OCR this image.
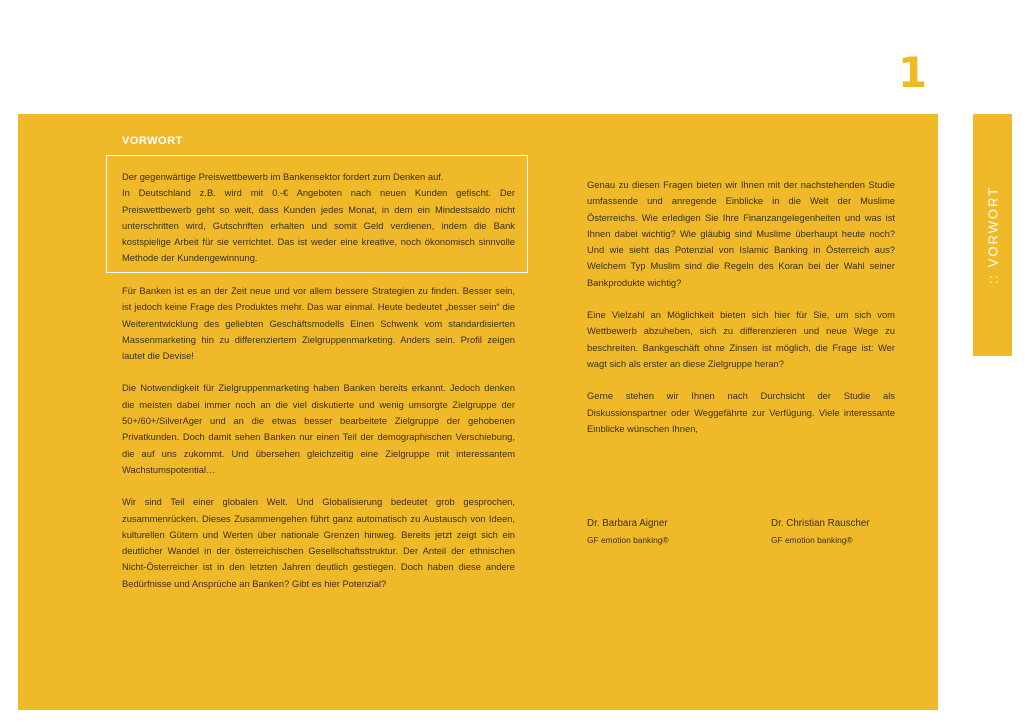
1
:: VORWORT
VORWORT

Der gegenwärtige Preiswettbewerb im Bankensektor fordert zum Denken auf.

In Deutschland z.B. wird mit 0.-€ Angeboten nach neuen Kunden gefischt. Der Preiswettbewerb geht so weit, dass Kunden jedes Monat, in dem ein Mindestsaldo nicht unterschritten wird, Gutschriften erhalten und somit Geld verdienen, indem die Bank kostspielige Arbeit für sie verrichtet. Das ist weder eine kreative, noch ökonomisch sinnvolle Methode der Kundengewinnung.

Für Banken ist es an der Zeit neue und vor allem bessere Strategien zu finden. Besser sein, ist jedoch keine Frage des Produktes mehr. Das war einmal. Heute bedeutet „besser sein“ die Weiterentwicklung des geliebten Geschäftsmodells Einen Schwenk vom standardisierten Massenmarketing hin zu differenziertem Zielgruppenmarketing. Anders sein. Profil zeigen lautet die Devise!

Die Notwendigkeit für Zielgruppenmarketing haben Banken bereits erkannt. Jedoch denken die meisten dabei immer noch an die viel diskutierte und wenig umsorgte Zielgruppe der 50+/60+/SilverAger und an die etwas besser bearbeitete Zielgruppe der gehobenen Privatkunden. Doch damit sehen Banken nur einen Teil der demographischen Verschiebung, die auf uns zukommt. Und übersehen gleichzeitig eine Zielgruppe mit interessantem Wachstumspotential…

Wir sind Teil einer globalen Welt. Und Globalisierung bedeutet grob gesprochen, zusammenrücken. Dieses Zusammengehen führt ganz automatisch zu Austausch von Ideen, kulturellen Gütern und Werten über nationale Grenzen hinweg. Bereits jetzt zeigt sich ein deutlicher Wandel in der österreichischen Gesellschaftsstruktur. Der Anteil der ethnischen Nicht-Österreicher ist in den letzten Jahren deutlich gestiegen. Doch haben diese andere Bedürfnisse und Ansprüche an Banken? Gibt es hier Potenzial?

Genau zu diesen Fragen bieten wir Ihnen mit der nachstehenden Studie umfassende und anregende Einblicke in die Welt der Muslime Österreichs. Wie erledigen Sie Ihre Finanzangelegenheiten und was ist Ihnen dabei wichtig? Wie gläubig sind Muslime überhaupt heute noch? Und wie sieht das Potenzial von Islamic Banking in Österreich aus? Welchem Typ Muslim sind die Regeln des Koran bei der Wahl seiner Bankprodukte wichtig?

Eine Vielzahl an Möglichkeit bieten sich hier für Sie, um sich vom Wettbewerb abzuheben, sich zu differenzieren und neue Wege zu beschreiten. Bankgeschäft ohne Zinsen ist möglich, die Frage ist: Wer wagt sich als erster an diese Zielgruppe heran?

Gerne stehen wir Ihnen nach Durchsicht der Studie als Diskussionspartner oder Weggefährte zur Verfügung. Viele interessante Einblicke wünschen Ihnen,

Dr. Barbara Aigner
GF emotion banking®
Dr. Christian Rauscher
GF emotion banking®
